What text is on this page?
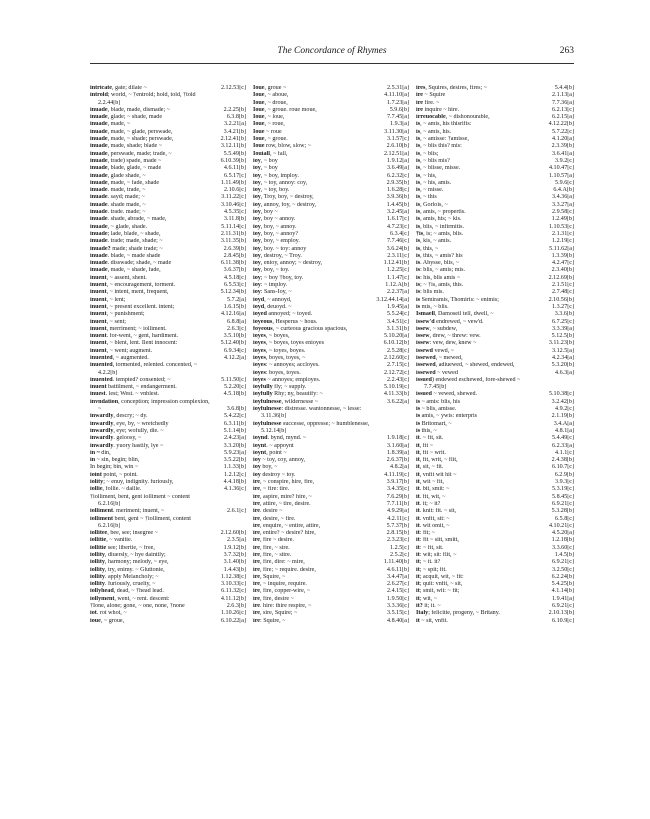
The Concordance of Rhymes	263
intricate, gate; dilate ~	2.12.53[c]
introld; world, ~ †entrold; hold, told, †told
2.2.44[b]
inuade, blade, made, dismade; ~	2.2.25[b]
inuade, glade; ~ shade, made	6.3.8[b]
inuade, made, ~	3.2.21[a]
inuade, made, ~ glade, perswade,	3.4.21[b]
inuade, made, ~ shade; perswade,	2.12.41[b]
inuade, made, shade; blade ~	3.12.11[b]
inuade, perswade, made; trade, ~	5.5.49[b]
inuade, trade) spade, made ~	6.10.39[b]
inuade, blade, glade, ~ made	4.6.11[b]
inuade, glade shade, ~	6.5.17[c]
inuade, made, ~ fade, shade	1.11.49[b]
inuade. made, trade, ~	2.10.6[c]
inuade. sayd; made; ~	3.11.22[c]
inuade. shade made, ~	3.10.46[c]
inuade. trade. made; ~	4.5.35[c]
inuade. shade, abrade, ~ made,	3.11.8[b]
inuade, ~ glade, shade.	5.11.14[c]
inuade; lade, blade, ~ shade,	2.11.31[b]
inuade. trade; made, shade; ~	3.11.35[b]
inuade? made; shade trade; ~	2.6.39[b]
inuade. blade, ~ made shade	2.8.45[b]
inuade. disswade; shade, ~ made	6.11.38[b]
inuade, made, ~ shade, fade,	3.6.37[b]
inuent, ~ assent, shent.	4.5.18[c]
inuent, ~ encouragement, torment.	6.5.53[c]
inuent, ~ intent, ment, frequent,	5.12.34[b]
inuent, ~ lent;	5.7.2[a]
inuent, ~ present excellent. intent;	1.6.15[b]
inuent, ~ punishment;	4.12.16[a]
inuent, ~ sent;	6.8.8[a]
inuent, merriment; ~ iolliment.	2.6.3[c]
inuent. for-went, ~ gent, hardiment.	3.5.10[b]
inuent, ~ blent, lent. Ilent innocent:	5.12.40[b]
inuent, ~ went; augment.	6.9.34[c]
inuented, ~ augmented.	4.12.2[a]
inuented, tormented, relented. concented, ~
4.2.2[b]
inuented. tempted? consented; ~	5.11.50[c]
inuent battilment, ~ endangerment.	5.2.20[c]
inuest. lest; West. ~ vnblest.	4.5.18[b]
invndation, conception; impression complexion,
~	3.6.8[b]
inwardly, descry; ~ dy.	5.4.22[c]
inwardly, eye, by, ~ wretchedly	6.3.11[b]
inwardly, eye; wofully, die. ~	5.1.14[b]
inwardly. geloosy, ~	2.4.23[a]
inwardly. yuory hastily, lye ~	3.3.20[b]
in ~ din,	5.9.23[a]
in ~ sin, begin; blin,	3.5.22[b]
In begin; bin, win ~	1.1.33[b]
ioint point, ~ point.	1.2.12[c]
iolity; ~ enuy, indignity. furiously,	4.4.18[b]
iollie, follie. ~ dallie.	4.1.36[c]
†iolliment, bent, gent iolliment ~ content
6.2.16[b]
iolliment. meriment; inuent, ~	2.6.1[c]
iolliment bent, gent ~ †iolliment, content
6.2.16[b]
iollitee, bee, see; insegree ~	2.12.60[b]
iollitie, ~ vanitie.	2.3.5[a]
iollitie see; libertie, ~ free,	1.9.12[b]
iollity, diuersly, ~ hye daintily;	3.7.32[b]
iollity, harmony; melody, ~ eye,	3.1.40[b]
iollity, try, enimy. ~ Gluttonie,	1.4.43[b]
iollity. apply Melancholy; ~	1.12.38[c]
iollity. furiously, cruelty, ~	3.10.33[c]
iollyhead, dead, ~ †head lead.	6.11.32[c]
iollyment, went, ~ rent. descent:	4.11.12[b]
†Ione, alone; gone, ~ one, none, †none	2.6.3[b]
iot. rot whot, ~	1.10.26[c]
ioue, ~ groue,	6.10.22[a]
Ioue, groue ~	2.5.31[a]
Ioue, ~ aboue,	4.11.10[a]
Ioue, ~ droue,	1.7.23[a]
Ioue, ~ groue. roue moue,	5.9.6[b]
Ioue, ~ loue,	7.7.45[a]
Ioue, ~ roue,	1.9.3[a]
Ioue ~ roue	3.11.30[a]
Ioue, ~ groue.	3.1.57[c]
Ioue row, blow, slow; ~	2.6.10[b]
Iouiall, ~ fall,	2.12.51[a]
ioy, ~ boy	1.9.12[a]
ioy, ~ boy	3.6.49[a]
ioy, ~ boy, imploy.	6.2.32[c]
ioy, ~ toy, annoy: coy,	2.9.35[b]
ioy, ~ toy, boy.	1.6.28[c]
ioy, Troy, boy, ~ destroy,	3.9.36[b]
ioy, annoy, foy, ~ destroy,	1.4.45[b]
ioy, boy ~	3.2.45[a]
ioy, boy ~ annoy.	1.6.17[c]
ioy, boy, ~ annoy.	4.7.23[c]
ioy, boy, ~ annoy?	6.3.4[c]
ioy, boy, ~ employ.	7.7.46[c]
ioy, boy. ~ toy: annoy	3.6.24[b]
ioy, destroy, ~ Troy.	2.3.11[c]
ioy, enioy, annoy; ~ destroy,	1.12.41[b]
ioy, boy, ~ toy.	1.2.25[c]
ioy; ~ boy †boy, toy.	1.1.47[c]
ioy: ~ imploy.	1.12.A[b]
ioy: Sans-Ioy, ~	2.2.37[a]
ioyd, ~ annoyd,	3.12.44.14[a]
ioyd, deuoyd. ~	1.9.45[a]
ioyed annoyed; ~ toyed.	5.5.24[c]
ioyeous, Hesperus ~ hous.	3.4.51[c]
foyeous, ~ curteous gracious spacious,	3.1.31[b]
ioyes, ~ boyes,	5.10.20[a]
ioyes, ~ boyes, toyes enioyes	6.10.12[b]
ioyes, ~ toyes, boyes.	2.5.28[c]
ioyes, boyes, toyes, ~	2.12.60[c]
ioyes: ~ annoyes; accloyes.	2.7.15[c]
ioyes: boyes, toyes.	2.12.72[c]
ioyes ~ annoyes; employes.	2.2.43[c]
ioyfully fly; ~ supply.	5.10.19[c]
ioyfully Rhy; ny, beautify: ~	4.11.33[b]
ioyfulnesse, wildernesse ~	3.6.22[a]
ioyfulnesse: distresse. wantonnesse, ~ lesse:
3.11.36[b]
ioyfulnesse successe, oppresse; ~ humblenesse,
5.12.14[b]
ioynd. bynd, mynd. ~	1.9.18[c]
ioynt. ~ appoynt	3.1.60[a]
ioynt, point ~	1.8.39[a]
ioy ~ toy, coy, annoy,	2.6.37[b]
ioy boy, ~	4.8.2[a]
ioy destroy ~ toy.	4.11.19[c]
ire, ~ conspire, hire, fire,	3.9.17[b]
ire, ~ fire: tire.	3.4.35[c]
ire, aspire, mire? hire, ~	7.6.29[b]
ire, attire, ~ tire, desire.	7.7.11[b]
ire. desire ~	4.9.29[a]
ire, desire, ~ fire.	4.2.11[c]
ire, enquire, ~ entire, attire,	5.7.37[b]
ire, entire? ~ desire? hire,	2.8.15[b]
ire, fire ~ desire.	2.3.23[c]
ire, fire, ~ sire.	1.2.5[c]
ire, fire, ~ sitre.	2.5.2[c]
ire, fire, dire: ~ mire,	1.11.40[b]
ire, fire; ~ require. desire,	4.6.11[b]
ire, Squire, ~	3.4.47[a]
ire, ~ inquire, require.	2.6.27[c]
ire, fire, copper-wire, ~	2.4.15[c]
ire, fire, desire ~	1.9.50[c]
ire. hire: thire respire, ~	3.3.36[c]
ire, sire, Squire; ~	3.5.15[c]
ire: Squire, ~	4.8.40[a]
ires, Squires, desires, fires; ~	5.4.4[b]
ire ~ Squire	2.1.13[a]
ire fire. ~	7.7.36[a]
ire inquire ~ hire.	6.2.13[c]
irreuocable, ~ dishonourable,	6.2.15[a]
is, ~ amis, his thisrifis:	4.12.22[b]
is, ~ amis, his.	5.7.22[c]
is, ~ amisse: †amisse,	4.1.20[a]
is, ~ blis this? mis:	2.3.39[b]
is, ~ blis;	3.6.41[a]
is, ~ blis mis?	3.9.2[c]
is, ~ blisse, misse.	4.10.47[c]
is, ~ his,	1.10.57[a]
is, ~ his, amis.	5.9.6[c]
is, ~ misse.	6.4.A[b]
is, ~ this	3.4.36[a]
is, Gorlois, ~	3.3.27[a]
is, amis, ~ propertis.	2.9.58[c]
is, amis, his; ~ kis.	1.2.49[b]
is, blis, ~ infirmitis.	1.10.53[c]
†is, is; ~ amis, blis.	2.1.31[c]
is, kis, ~ amis.	1.2.19[c]
is, this, ~	5.11.62[a]
is, this, ~ amis? his	1.3.39[b]
is. Abysse, blis, ~	4.2.47[c]
is: blis, ~ amis; mis.	2.3.40[b]
is: his, blis amis ~	2.12.69[b]
is; ~ †is, amis, this.	2.1.51[c]
is: blis mis.	2.7.48[c]
is Semiramis, Thomiris: ~ enimis;	2.10.56[b]
is mis, ~ blis.	1.3.27[c]
Ismaell, Damoseil tell, dwell, ~	3.3.6[b]
issew'd endrewed, ~ vew'd.	6.7.25[c]
issew, ~ subdew,	3.3.39[a]
issew, drew, ~ threw: vew.	5.12.5[b]
issew: vew, dew, knew ~	3.11.23[b]
issewd vewd, ~	3.12.5[a]
issewed, ~ mewed,	4.2.34[a]
issewed, adiuewed, ~ shewed, endewed,	5.3.20[b]
issewed ~ vewed	4.6.3[a]
issued) endewed eschewed, fore-shewed ~
7.7.45[b]
issued ~ vewed, shewed.	5.10.38[c]
is ~ amis: blis, his	3.2.42[b]
is ~ blis, amisse.	4.9.2[c]
is amis, ~ ywis: enterpris	2.1.19[b]
is Britomart, ~	3.4.A[a]
is this, ~	4.8.1[a]
it. ~ fit, sit.	5.4.49[c]
it, fit ~	6.2.33[a]
it, fit ~ writ.	4.1.1[c]
it, fit, writ, ~ flit,	2.4.38[b]
it, sit, ~ fit.	6.10.7[c]
it, vnfit wit hit ~	6.2.9[b]
it, wit ~ fit,	3.9.3[c]
it. bit, smit: ~	5.3.19[c]
it. fit, wit, ~	5.8.45[c]
it. it; ~ it?	6.9.21[c]
it. knit: fit. ~ sit,	5.3.28[b]
it. vnfit, sit: ~	6.5.8[c]
it. wit omit, ~	4.10.21[c]
it: fit; ~	4.5.20[a]
it: fit ~ sitt, smitt,	1.2.18[b]
it: ~ fit, sit.	3.3.60[c]
it: wit; sit: flit, ~	1.4.5[b]
it; ~ it. it?	6.9.21[c]
it; ~ spit; fit.	3.2.50[c]
it; acquit, wit, ~ fit:	6.2.24[b]
it; quit: vnfit, ~ sit,	5.4.25[b]
it; smit, wit: ~ fit;	4.1.14[b]
it; wit, ~	1.9.41[a]
it? it; it. ~	6.9.21[c]
Italy; felicitie, progeny, ~ Britany.	2.10.13[b]
it ~ sit, vnfit.	6.10.9[c]
